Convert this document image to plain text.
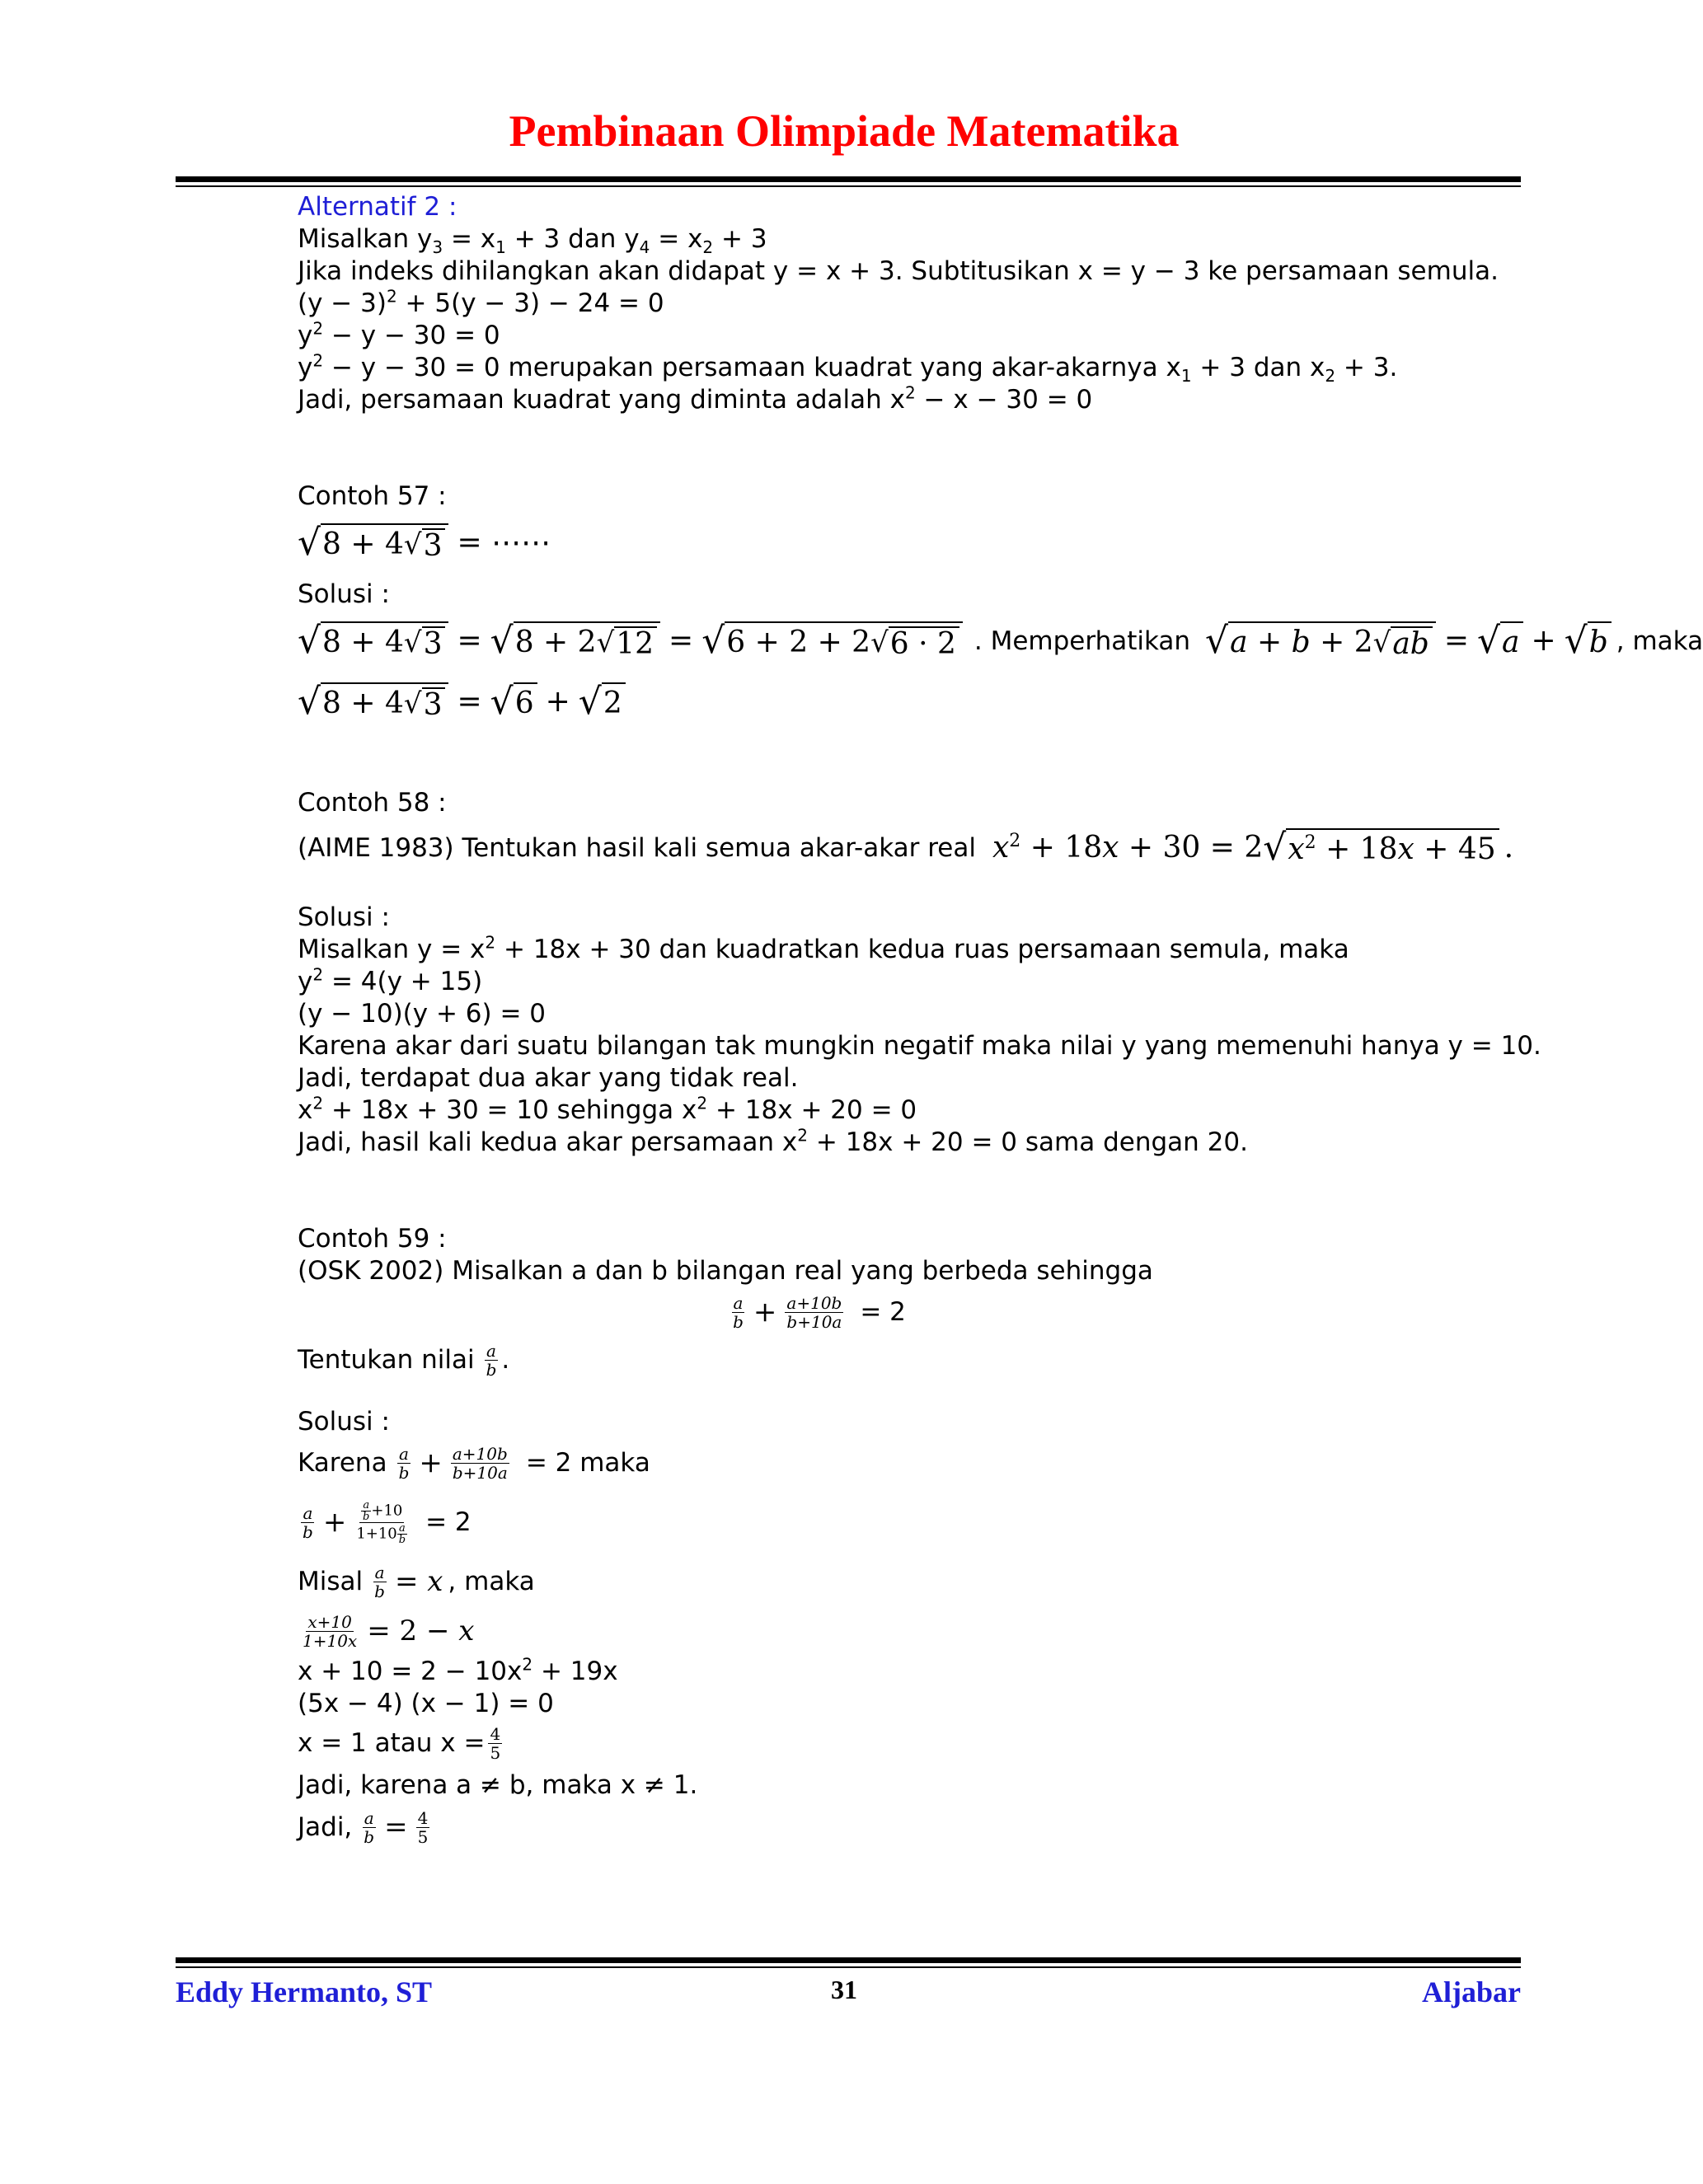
Pembinaan Olimpiade Matematika
Alternatif 2 :
Misalkan $y_3 = x_1 + 3$ dan $y_4 = x_2 + 3$
Jika indeks dihilangkan akan didapat y = x + 3. Subtitusikan x = y − 3 ke persamaan semula.
$(y - 3)^2 + 5(y - 3) - 24 = 0$
$y^2 - y - 30 = 0$
$y^2 - y - 30 = 0$ merupakan persamaan kuadrat yang akar-akarnya $x_1 + 3$ dan $x_2 + 3$.
Jadi, persamaan kuadrat yang diminta adalah $x^2 - x - 30 = 0$
Contoh 57 :
√ 8 + 4 √ 3 = ⋯⋯
Solusi :
√ 8 + 4 √ 3 = √ 8 + 2 √ 12 = √ 6 + 2 + 2 √ 6 · 2 . Memperhatikan √ a + b + 2 √ ab = √ a + √ b , maka
√ 8 + 4 √ 3 = √ 6 + √ 2
Contoh 58 :
(AIME 1983) Tentukan hasil kali semua akar-akar real $x^2 + 18x + 30 = 2$ √ $x^2 + 18x + 45$ .
Solusi :
Misalkan $y = x^2 + 18x + 30$ dan kuadratkan kedua ruas persamaan semula, maka
$y^2 = 4(y + 15)$
(y − 10)(y + 6) = 0
Karena akar dari suatu bilangan tak mungkin negatif maka nilai y yang memenuhi hanya y = 10.
Jadi, terdapat dua akar yang tidak real.
$x^2 + 18x + 30 = 10$ sehingga $x^2 + 18x + 20 = 0$
Jadi, hasil kali kedua akar persamaan $x^2 + 18x + 20 = 0$ sama dengan 20.
Contoh 59 :
(OSK 2002) Misalkan a dan b bilangan real yang berbeda sehingga
$\frac{a}{b} + \frac{a+10b}{b+10a} = 2$
Tentukan nilai $\frac{a}{b}$ .
Solusi :
Karena $\frac{a}{b} + \frac{a+10b}{b+10a} = 2$ maka
$\frac{a}{b} + \frac{\frac{a}{b} +10}{1+10 \frac{a}{b}} = 2$
Misal $\frac{a}{b} = x$ , maka
$\frac{x+10}{1+10x} = 2 - x$
$x + 10 = 2 - 10x^2 + 19x$
(5x − 4) (x − 1) = 0
x = 1 atau $x = \frac{4}{5}$
Jadi, karena a ≠ b, maka x ≠ 1.
Jadi, $\frac{a}{b} = \frac{4}{5}$
Eddy Hermanto, ST	31	Aljabar
